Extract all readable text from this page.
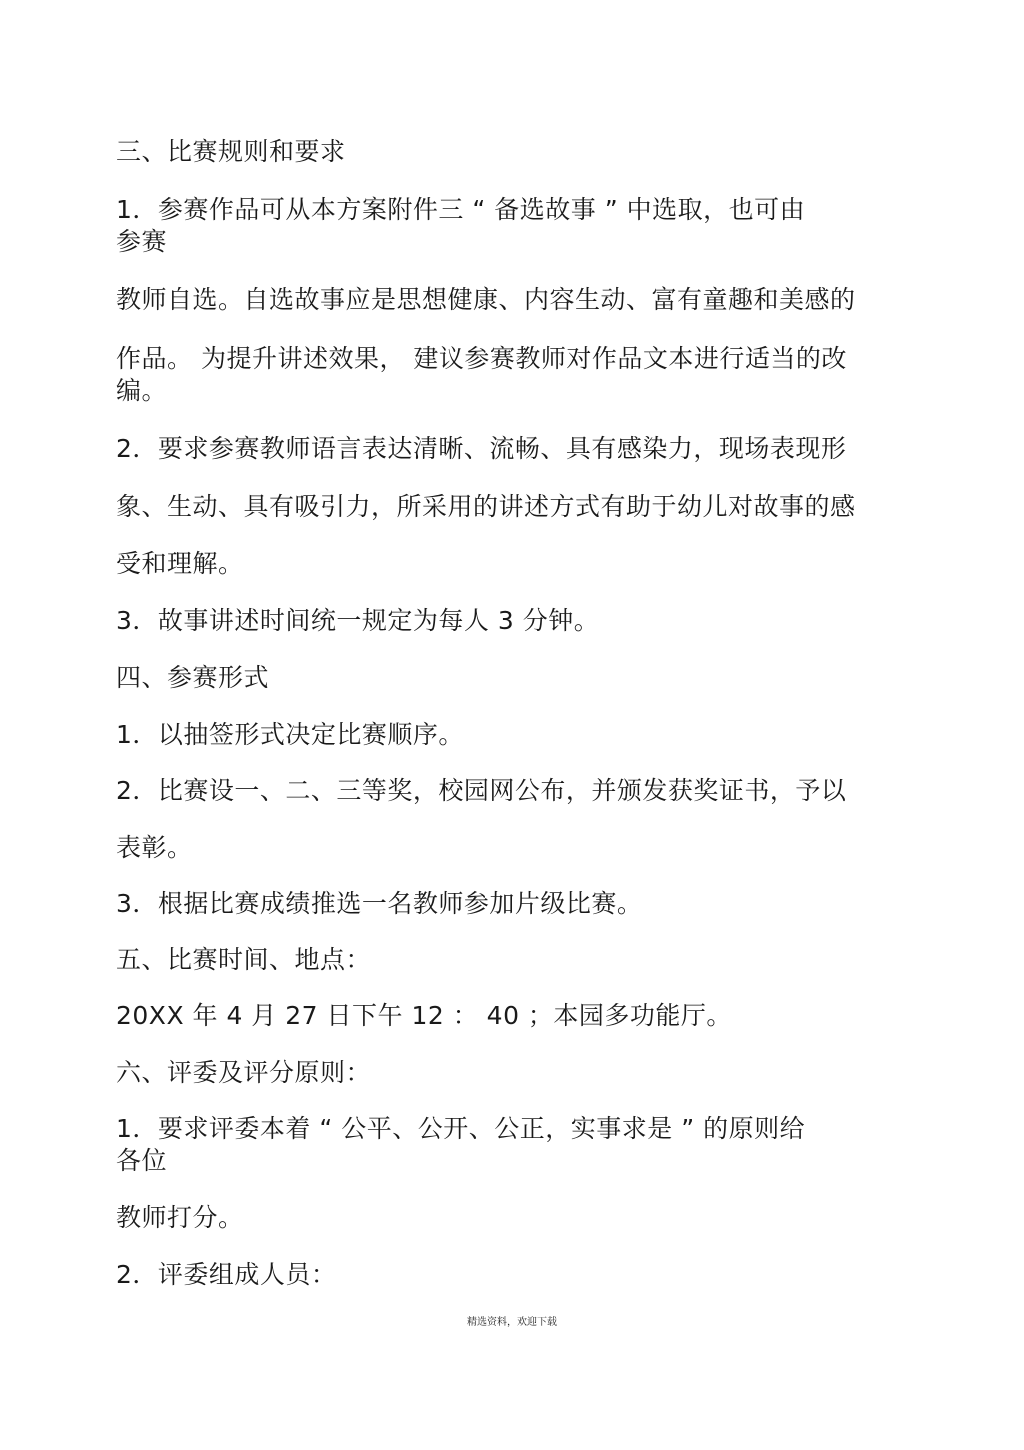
三、比赛规则和要求
1．参赛作品可从本方案附件三 “ 备选故事 ” 中选取，也可由
参赛
教师自选。自选故事应是思想健康、内容生动、富有童趣和美感的
作品。 为提升讲述效果， 建议参赛教师对作品文本进行适当的改
编。
2．要求参赛教师语言表达清晰、流畅、具有感染力，现场表现形
象、生动、具有吸引力，所采用的讲述方式有助于幼儿对故事的感
受和理解。
3．故事讲述时间统一规定为每人 3 分钟。
四、参赛形式
1．以抽签形式决定比赛顺序。
2．比赛设一、二、三等奖，校园网公布，并颁发获奖证书，予以
表彰。
3．根据比赛成绩推选一名教师参加片级比赛。
五、比赛时间、地点：
20XX 年 4 月 27 日下午 12 ： 40 ；本园多功能厅。
六、评委及评分原则：
1．要求评委本着 “ 公平、公开、公正，实事求是 ” 的原则给
各位
教师打分。
2．评委组成人员：
精选资料，欢迎下载
